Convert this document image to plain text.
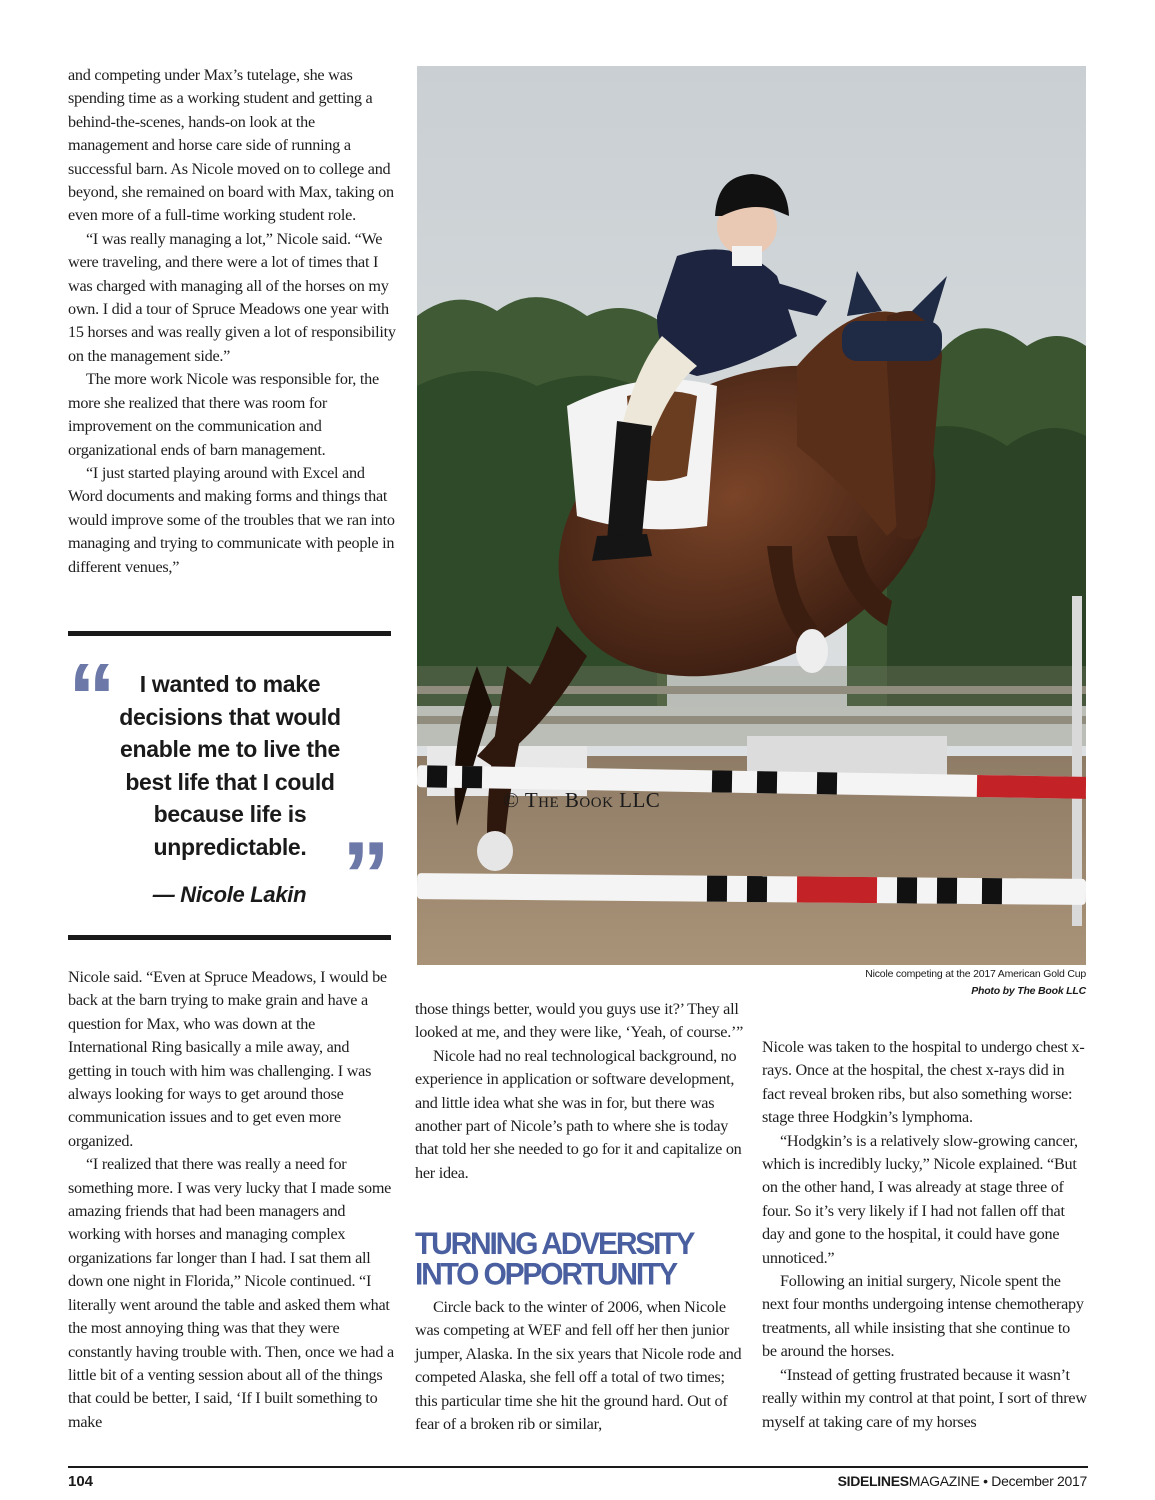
and competing under Max’s tutelage, she was spending time as a working student and getting a behind-the-scenes, hands-on look at the management and horse care side of running a successful barn. As Nicole moved on to college and beyond, she remained on board with Max, taking on even more of a full-time working student role.

“I was really managing a lot,” Nicole said. “We were traveling, and there were a lot of times that I was charged with managing all of the horses on my own. I did a tour of Spruce Meadows one year with 15 horses and was really given a lot of responsibility on the management side.”

The more work Nicole was responsible for, the more she realized that there was room for improvement on the communication and organizational ends of barn management.

“I just started playing around with Excel and Word documents and making forms and things that would improve some of the troubles that we ran into managing and trying to communicate with people in different venues,”

“	I wanted to make decisions that would enable me to live the best life that I could because life is unpredictable. ”
— Nicole Lakin

Nicole said. “Even at Spruce Meadows, I would be back at the barn trying to make grain and have a question for Max, who was down at the International Ring basically a mile away, and getting in touch with him was challenging. I was always looking for ways to get around those communication issues and to get even more organized.

“I realized that there was really a need for something more. I was very lucky that I made some amazing friends that had been managers and working with horses and managing complex organizations far longer than I had. I sat them all down one night in Florida,” Nicole continued. “I literally went around the table and asked them what the most annoying thing was that they were constantly having trouble with. Then, once we had a little bit of a venting session about all of the things that could be better, I said, ‘If I built something to make

© The Book LLC
Nicole competing at the 2017 American Gold Cup
Photo by The Book LLC

those things better, would you guys use it?’ They all looked at me, and they were like, ‘Yeah, of course.’”

Nicole had no real technological background, no experience in application or software development, and little idea what she was in for, but there was another part of Nicole’s path to where she is today that told her she needed to go for it and capitalize on her idea.

TURNING ADVERSITY
INTO OPPORTUNITY

Circle back to the winter of 2006, when Nicole was competing at WEF and fell off her then junior jumper, Alaska. In the six years that Nicole rode and competed Alaska, she fell off a total of two times; this particular time she hit the ground hard. Out of fear of a broken rib or similar,

Nicole was taken to the hospital to undergo chest x-rays. Once at the hospital, the chest x-rays did in fact reveal broken ribs, but also something worse: stage three Hodgkin’s lymphoma.

“Hodgkin’s is a relatively slow-growing cancer, which is incredibly lucky,” Nicole explained. “But on the other hand, I was already at stage three of four. So it’s very likely if I had not fallen off that day and gone to the hospital, it could have gone unnoticed.”

Following an initial surgery, Nicole spent the next four months undergoing intense chemotherapy treatments, all while insisting that she continue to be around the horses.

“Instead of getting frustrated because it wasn’t really within my control at that point, I sort of threw myself at taking care of my horses

104	SIDELINESMAGAZINE • December 2017
